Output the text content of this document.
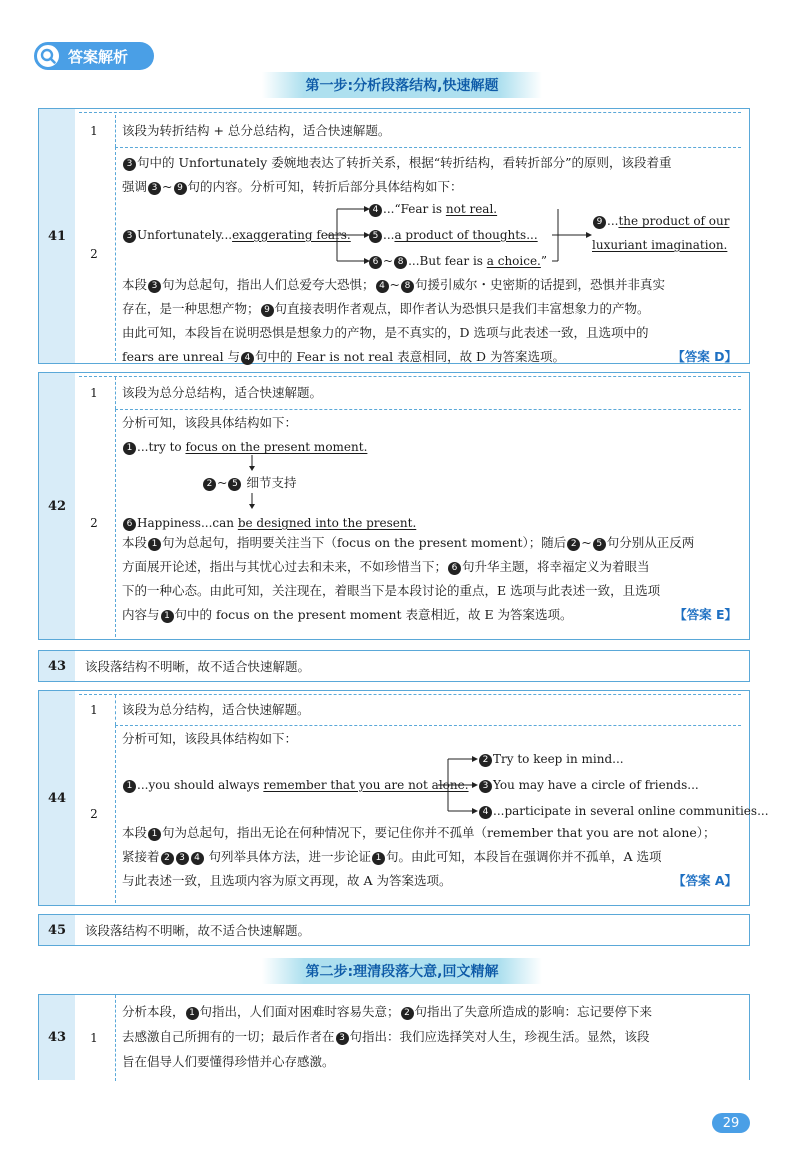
答案解析
第一步:分析段落结构,快速解题
41
1	该段为转折结构 + 总分总结构，适合快速解题。
2
3 句中的 Unfortunately 委婉地表达了转折关系，根据“转折结构，看转折部分”的原则，该段着重
强调 3 ~ 9 句的内容。分析可知，转折后部分具体结构如下：
3 Unfortunately...exaggerating fears.
4 ...“Fear is not real.
5 ...a product of thoughts...
6 ~ 8 ...But fear is a choice.”
9 ...the product of our
luxuriant imagination.
本段 3 句为总起句，指出人们总爱夸大恐惧； 4 ~ 8 句援引威尔・史密斯的话提到，恐惧并非真实
存在，是一种思想产物； 9 句直接表明作者观点，即作者认为恐惧只是我们丰富想象力的产物。
由此可知，本段旨在说明恐惧是想象力的产物，是不真实的，D 选项与此表述一致，且选项中的
fears are unreal 与 4 句中的 Fear is not real 表意相同，故 D 为答案选项。	【答案 D】
42
1	该段为总分总结构，适合快速解题。
2
分析可知，该段具体结构如下：
1 ...try to focus on the present moment.
2 ~ 5 细节支持
6 Happiness...can be designed into the present.
本段 1 句为总起句，指明要关注当下（focus on the present moment）；随后 2 ~ 5 句分别从正反两
方面展开论述，指出与其忧心过去和未来，不如珍惜当下； 6 句升华主题，将幸福定义为着眼当
下的一种心态。由此可知，关注现在，着眼当下是本段讨论的重点，E 选项与此表述一致，且选项
内容与 1 句中的 focus on the present moment 表意相近，故 E 为答案选项。	【答案 E】
43	该段落结构不明晰，故不适合快速解题。
44
1	该段为总分结构，适合快速解题。
2
分析可知，该段具体结构如下：
1 ...you should always remember that you are not alone.
2 Try to keep in mind...
3 You may have a circle of friends...
4 ...participate in several online communities...
本段 1 句为总起句，指出无论在何种情况下，要记住你并不孤单（remember that you are not alone）；
紧接着 2 3 4 句列举具体方法，进一步论证 1 句。由此可知，本段旨在强调你并不孤单，A 选项
与此表述一致，且选项内容为原文再现，故 A 为答案选项。	【答案 A】
45	该段落结构不明晰，故不适合快速解题。
第二步:理清段落大意,回文精解
43	1
分析本段， 1 句指出，人们面对困难时容易失意； 2 句指出了失意所造成的影响：忘记要停下来
去感激自己所拥有的一切；最后作者在 3 句指出：我们应选择笑对人生，珍视生活。显然，该段
旨在倡导人们要懂得珍惜并心存感激。
29
